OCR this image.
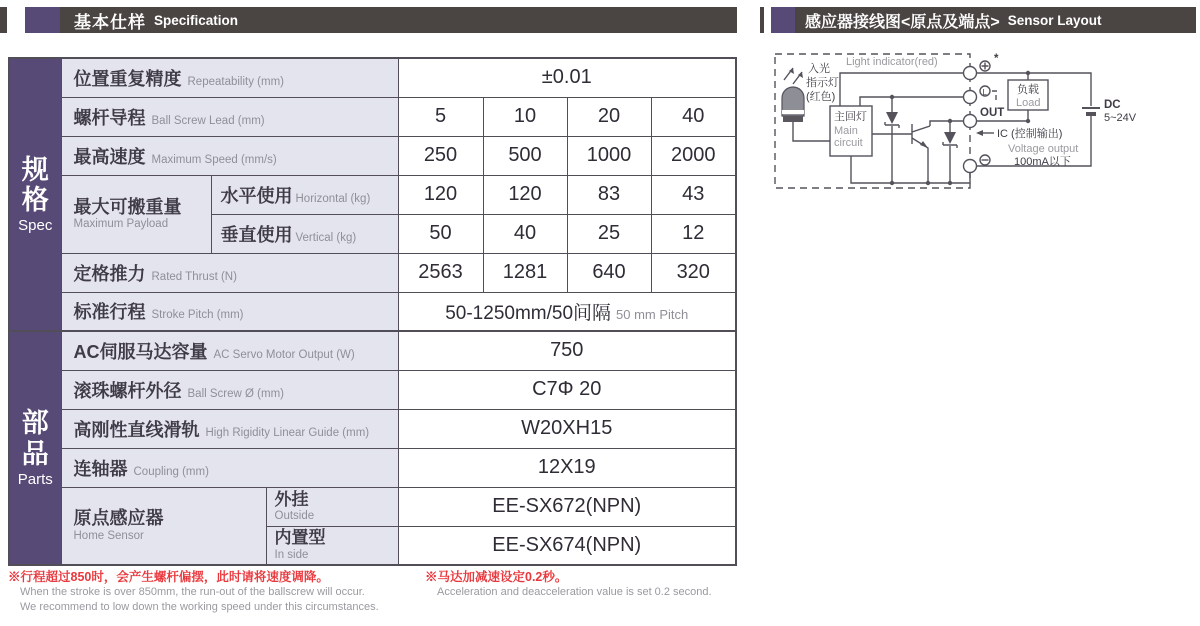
基本仕样 Specification	感应器接线图<原点及端点> Sensor Layout
规格
Spec

位置重复精度 Repeatability (mm)	±0.01

	螺杆导程 Ball Screw Lead (mm)			5	10	20	40

	最高速度 Maximum Speed (mm/s)			250	500	1000	2000

	最大可搬重量
Maximum Payload	水平使用 Horizontal (kg)		120	120	83	43

		垂直使用 Vertical (kg)		50	40	25	12

	定格推力 Rated Thrust (N)			2563	1281	640	320

	标准行程 Stroke Pitch (mm)			50-1250mm/50间隔 50 mm Pitch			

部品
Parts

AC伺服马达容量 AC Servo Motor Output (W)	750

	滚珠螺杆外径 Ball Screw Ø (mm)			C7Φ 20			

	高刚性直线滑轨 High Rigidity Linear Guide (mm)			W20XH15			

	连轴器 Coupling (mm)			12X19			

	原点感应器
Home Sensor		外挂
Outside	EE-SX672(NPN)			

			内置型
In side	EE-SX674(NPN)			
※行程超过850时，会产生螺杆偏摆，此时请将速度调降。
When the stroke is over 850mm, the run-out of the ballscrew will occur.
We recommend to low down the working speed under this circumstances.
※马达加减速设定0.2秒。
Acceleration and deacceleration value is set 0.2 second.
入光
指示灯
(红色)
Light indicator(red)
主回灯
Main
circuit
*
L
OUT
IC (控制输出)
Voltage output
100mA以下
负载
Load	DC
5~24V
